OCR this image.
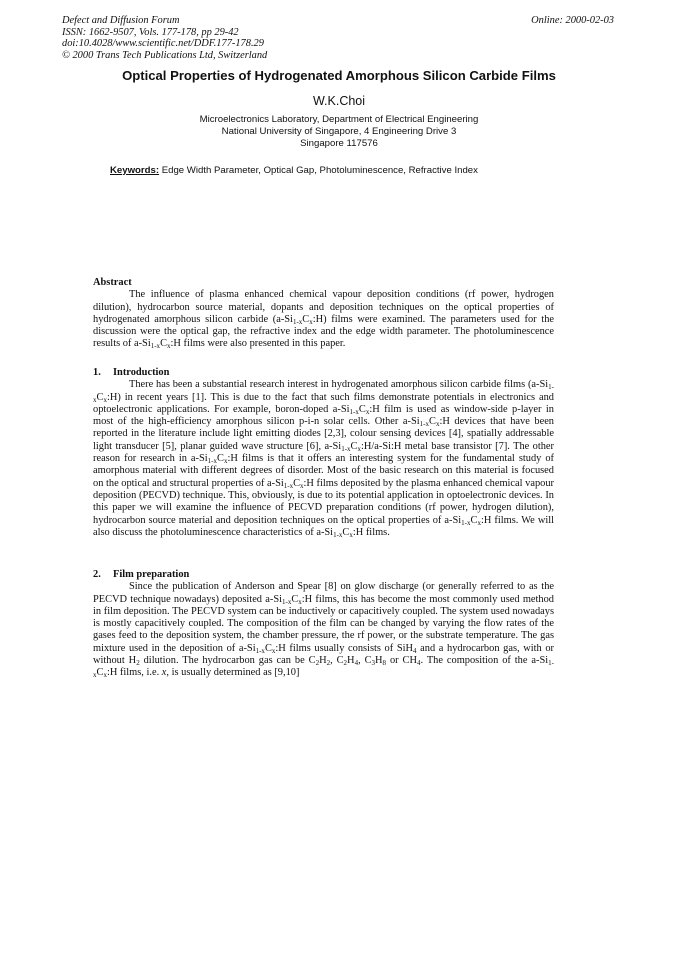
Defect and Diffusion Forum
ISSN: 1662-9507, Vols. 177-178, pp 29-42
doi:10.4028/www.scientific.net/DDF.177-178.29
© 2000 Trans Tech Publications Ltd, Switzerland
Online: 2000-02-03
Optical Properties of Hydrogenated Amorphous Silicon Carbide Films
W.K.Choi
Microelectronics Laboratory, Department of Electrical Engineering
National University of Singapore, 4 Engineering Drive 3
Singapore 117576
Keywords: Edge Width Parameter, Optical Gap, Photoluminescence, Refractive Index
Abstract

The influence of plasma enhanced chemical vapour deposition conditions (rf power, hydrogen dilution), hydrocarbon source material, dopants and deposition techniques on the optical properties of hydrogenated amorphous silicon carbide $(a-Si_{1-x}C_x:H)$ films were examined. The parameters used for the discussion were the optical gap, the refractive index and the edge width parameter. The photoluminescence results of $a-Si_{1-x}C_x:H$ films were also presented in this paper.

1. Introduction

There has been a substantial research interest in hydrogenated amorphous silicon carbide films $(a-Si_{1-x}C_x:H)$ in recent years [1]. This is due to the fact that such films demonstrate potentials in electronics and optoelectronic applications. For example, boron-doped $a-Si_{1-x}C_x:H$ film is used as window-side p-layer in most of the high-efficiency amorphous silicon p-i-n solar cells. Other $a-Si_{1-x}C_x:H$ devices that have been reported in the literature include light emitting diodes [2,3], colour sensing devices [4], spatially addressable light transducer [5], planar guided wave structure [6], $a-Si_{1-x}C_x:H/a-Si:H$ metal base transistor [7]. The other reason for research in $a-Si_{1-x}C_x:H$ films is that it offers an interesting system for the fundamental study of amorphous material with different degrees of disorder. Most of the basic research on this material is focused on the optical and structural properties of $a-Si_{1-x}C_x:H$ films deposited by the plasma enhanced chemical vapour deposition (PECVD) technique. This, obviously, is due to its potential application in optoelectronic devices. In this paper we will examine the influence of PECVD preparation conditions (rf power, hydrogen dilution), hydrocarbon source material and deposition techniques on the optical properties of $a-Si_{1-x}C_x:H$ films. We will also discuss the photoluminescence characteristics of $a-Si_{1-x}C_x:H$ films.

2. Film preparation

Since the publication of Anderson and Spear [8] on glow discharge (or generally referred to as the PECVD technique nowadays) deposited $a-Si_{1-x}C_x:H$ films, this has become the most commonly used method in film deposition. The PECVD system can be inductively or capacitively coupled. The system used nowadays is mostly capacitively coupled. The composition of the film can be changed by varying the flow rates of the gases feed to the deposition system, the chamber pressure, the rf power, or the substrate temperature. The gas mixture used in the deposition of $a-Si_{1-x}C_x:H$ films usually consists of SiH$_4$ and a hydrocarbon gas, with or without $H_2$ dilution. The hydrocarbon gas can be $C_2H_2$, $C_2H_4$, $C_3H_8$ or $CH_4$. The composition of the $a-Si_{1-x}C_x:H$ films, i.e. x, is usually determined as [9,10]
